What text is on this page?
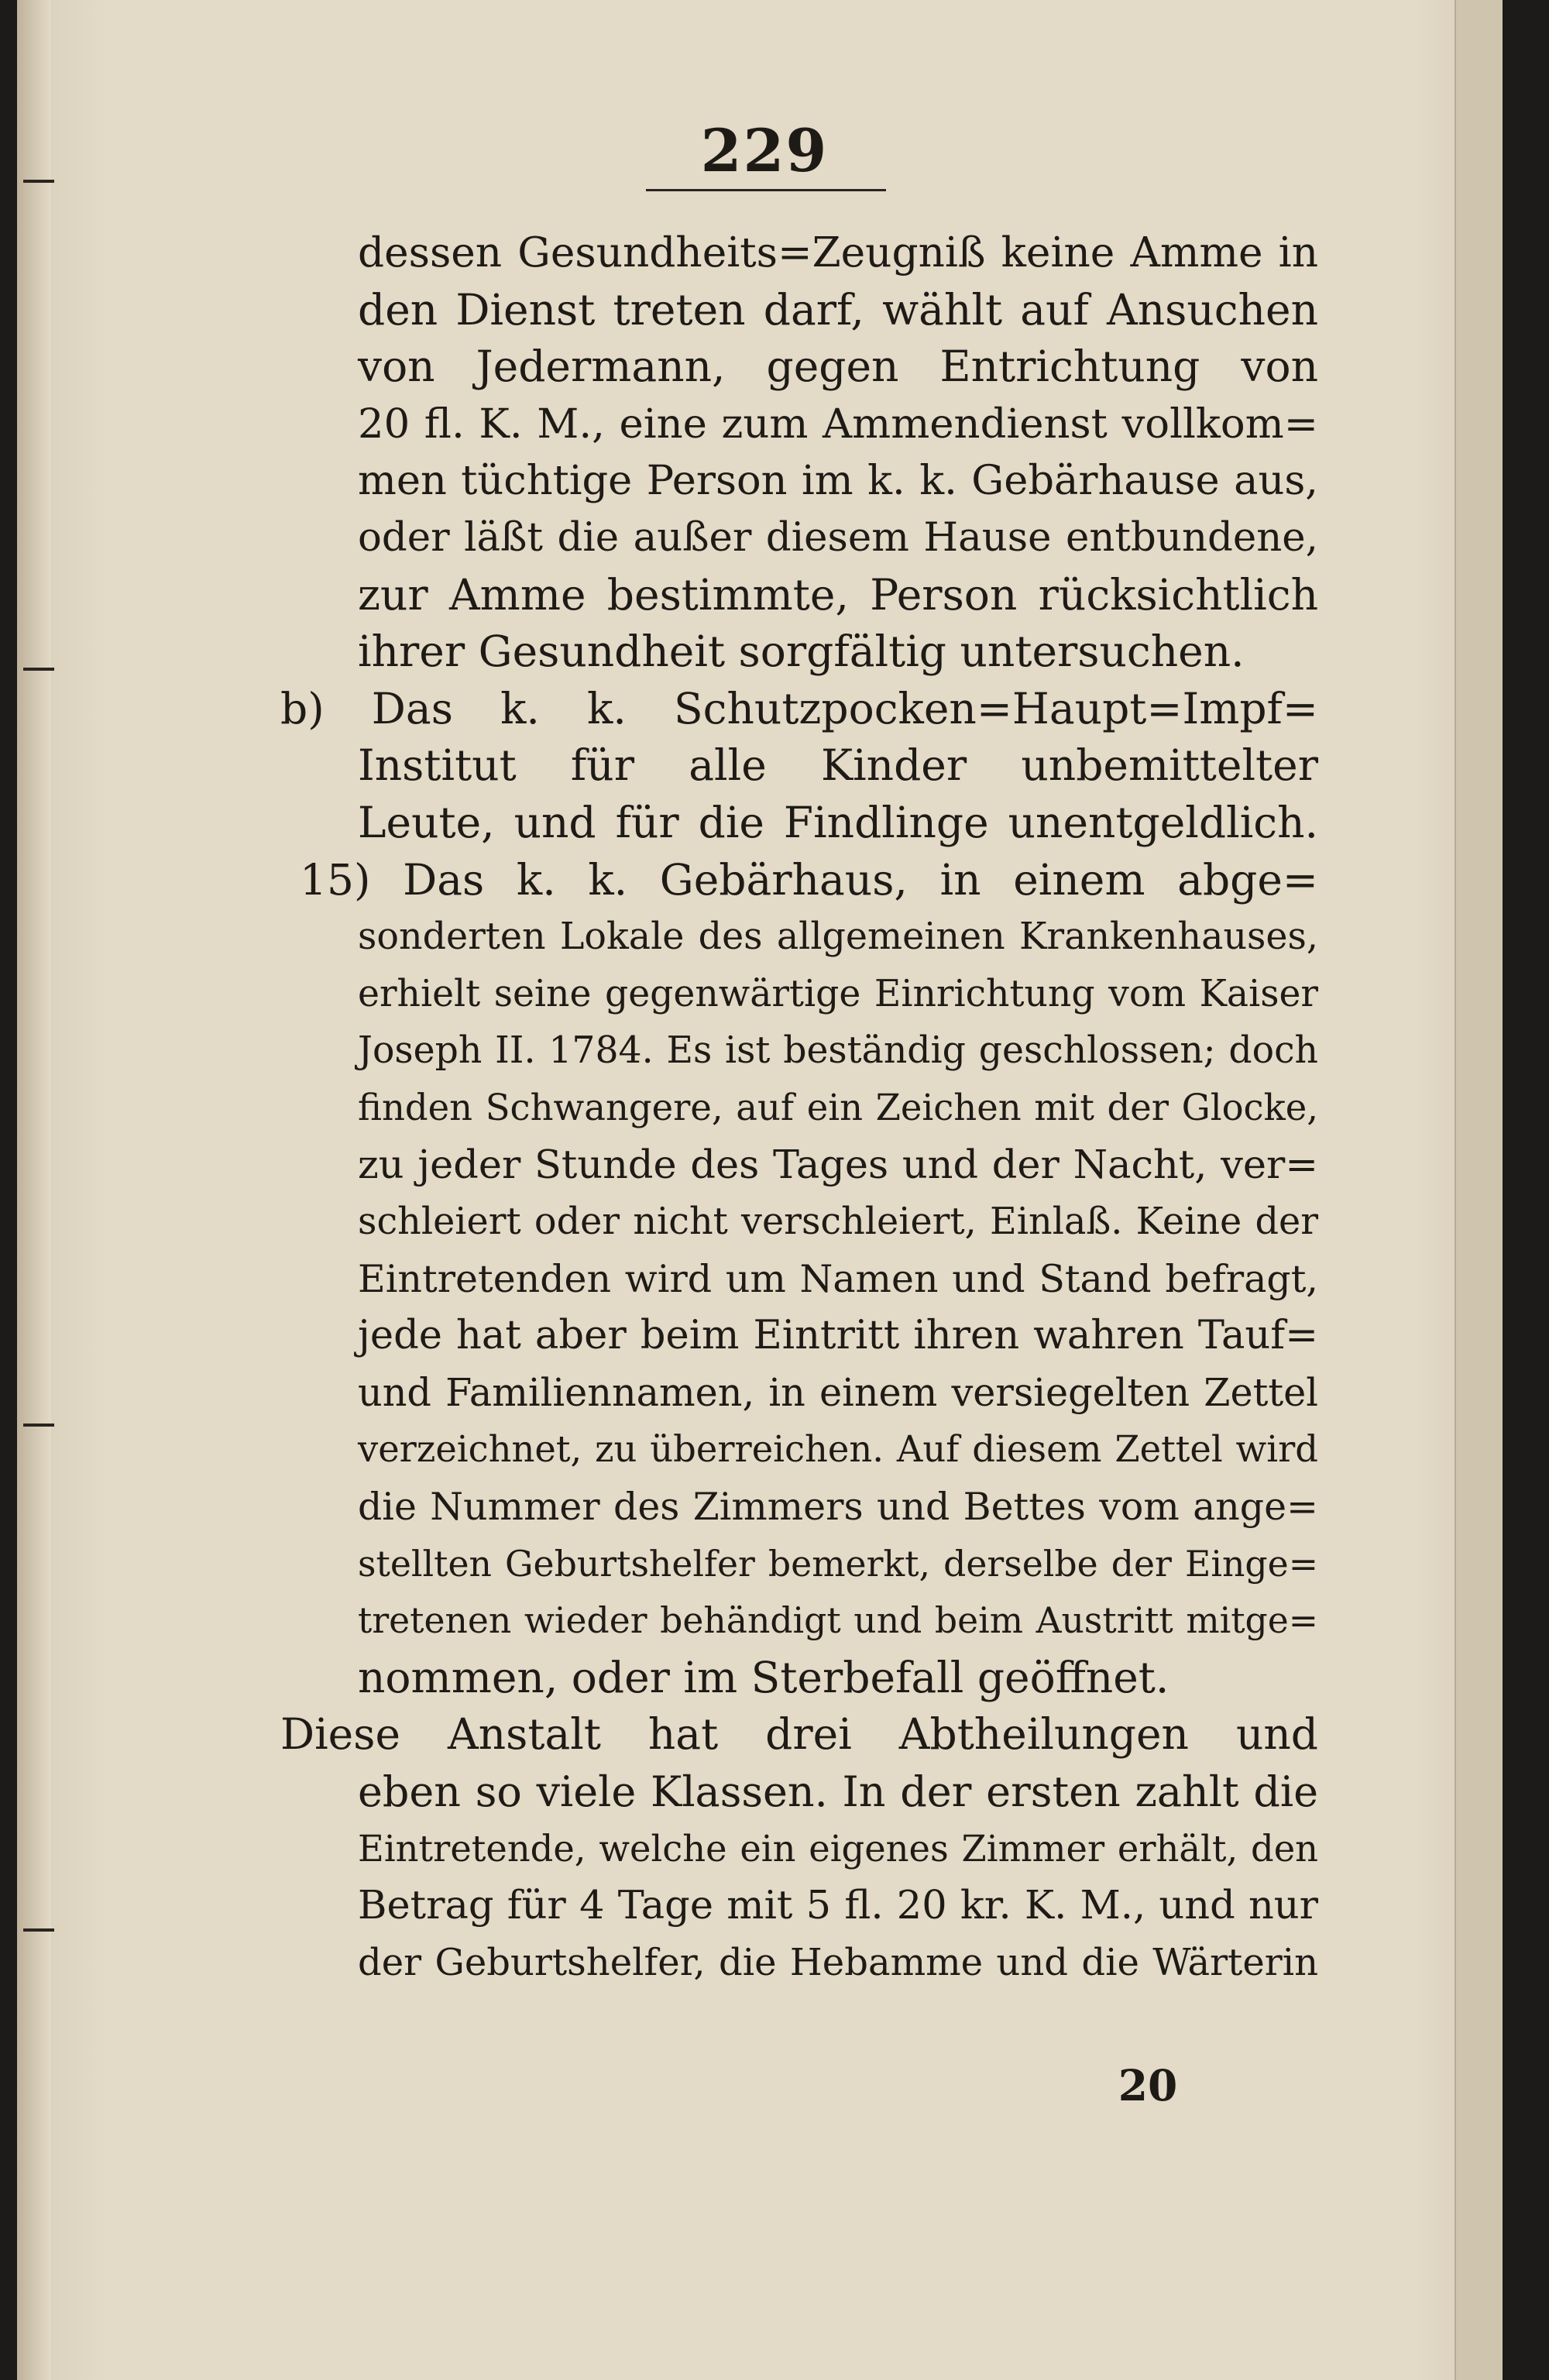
229
dessen Gesundheits=Zeugniß keine Amme in
den Dienst treten darf, wählt auf Ansuchen
von Jedermann, gegen Entrichtung von
20 fl. K. M., eine zum Ammendienst vollkom=
men tüchtige Person im k. k. Gebärhause aus,
oder läßt die außer diesem Hause entbundene,
zur Amme bestimmte, Person rücksichtlich
ihrer Gesundheit sorgfältig untersuchen.
b) Das k. k. Schutzpocken=Haupt=Impf=
Institut für alle Kinder unbemittelter
Leute, und für die Findlinge unentgeldlich.
15) Das k. k. Gebärhaus, in einem abge=
sonderten Lokale des allgemeinen Krankenhauses,
erhielt seine gegenwärtige Einrichtung vom Kaiser
Joseph II. 1784. Es ist beständig geschlossen; doch
finden Schwangere, auf ein Zeichen mit der Glocke,
zu jeder Stunde des Tages und der Nacht, ver=
schleiert oder nicht verschleiert, Einlaß. Keine der
Eintretenden wird um Namen und Stand befragt,
jede hat aber beim Eintritt ihren wahren Tauf=
und Familiennamen, in einem versiegelten Zettel
verzeichnet, zu überreichen. Auf diesem Zettel wird
die Nummer des Zimmers und Bettes vom ange=
stellten Geburtshelfer bemerkt, derselbe der Einge=
tretenen wieder behändigt und beim Austritt mitge=
nommen, oder im Sterbefall geöffnet.
Diese Anstalt hat drei Abtheilungen und
eben so viele Klassen. In der ersten zahlt die
Eintretende, welche ein eigenes Zimmer erhält, den
Betrag für 4 Tage mit 5 fl. 20 kr. K. M., und nur
der Geburtshelfer, die Hebamme und die Wärterin
20
